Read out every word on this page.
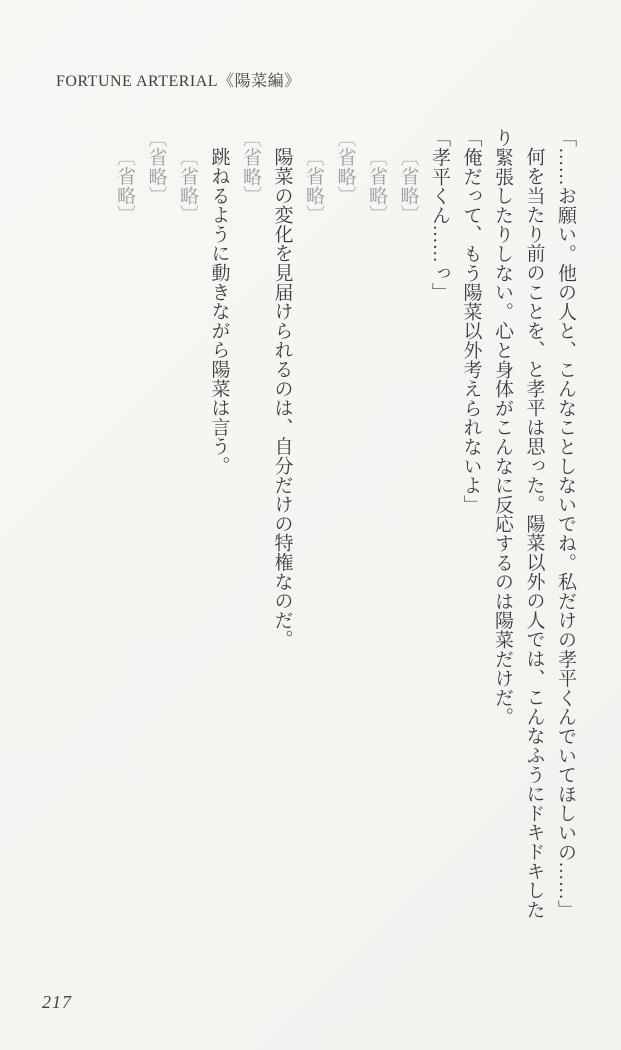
FORTUNE ARTERIAL《陽菜編》

「……お願い。他の人と、こんなことしないでね。私だけの孝平くんでいてほしいの……」

何を当たり前のことを、と孝平は思った。陽菜以外の人では、こんなふうにドキドキしたり緊張したりしない。心と身体がこんなに反応するのは陽菜だけだ。

「俺だって、もう陽菜以外考えられないよ」

「孝平くん……っ」

〔省略〕

〔省略〕

〔省略〕

〔省略〕

陽菜の変化を見届けられるのは、自分だけの特権なのだ。

〔省略〕

跳ねるように動きながら陽菜は言う。

〔省略〕

〔省略〕

〔省略〕

217
